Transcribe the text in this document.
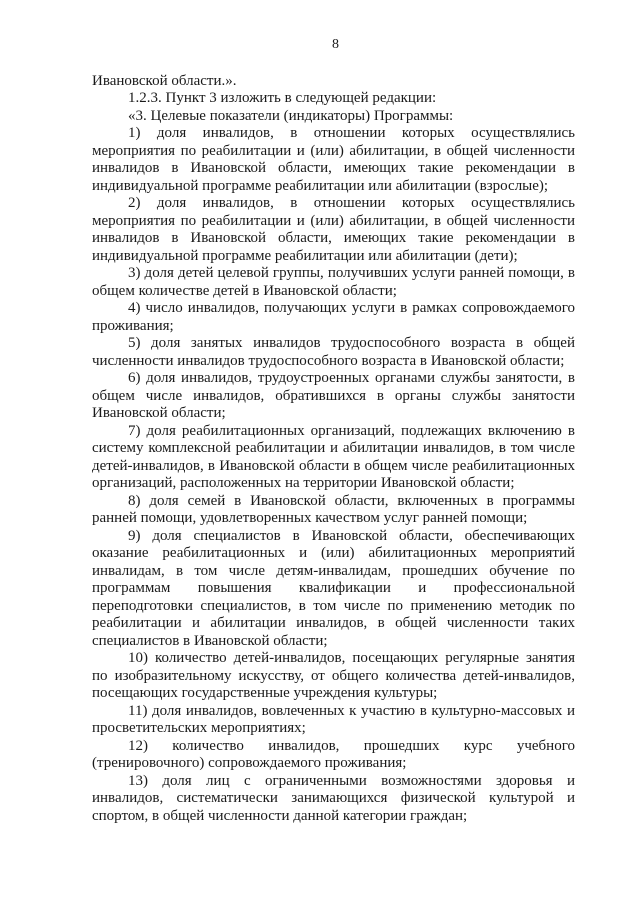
8

Ивановской области.».

1.2.3. Пункт 3 изложить в следующей редакции:

«3. Целевые показатели (индикаторы) Программы:

1) доля инвалидов, в отношении которых осуществлялись мероприятия по реабилитации и (или) абилитации, в общей численности инвалидов в Ивановской области, имеющих такие рекомендации в индивидуальной программе реабилитации или абилитации (взрослые);

2) доля инвалидов, в отношении которых осуществлялись мероприятия по реабилитации и (или) абилитации, в общей численности инвалидов в Ивановской области, имеющих такие рекомендации в индивидуальной программе реабилитации или абилитации (дети);

3) доля детей целевой группы, получивших услуги ранней помощи, в общем количестве детей в Ивановской области;

4) число инвалидов, получающих услуги в рамках сопровождаемого проживания;

5) доля занятых инвалидов трудоспособного возраста в общей численности инвалидов трудоспособного возраста в Ивановской области;

6) доля инвалидов, трудоустроенных органами службы занятости, в общем числе инвалидов, обратившихся в органы службы занятости Ивановской области;

7) доля реабилитационных организаций, подлежащих включению в систему комплексной реабилитации и абилитации инвалидов, в том числе детей-инвалидов, в Ивановской области в общем числе реабилитационных организаций, расположенных на территории Ивановской области;

8) доля семей в Ивановской области, включенных в программы ранней помощи, удовлетворенных качеством услуг ранней помощи;

9) доля специалистов в Ивановской области, обеспечивающих оказание реабилитационных и (или) абилитационных мероприятий инвалидам, в том числе детям-инвалидам, прошедших обучение по программам повышения квалификации и профессиональной переподготовки специалистов, в том числе по применению методик по реабилитации и абилитации инвалидов, в общей численности таких специалистов в Ивановской области;

10) количество детей-инвалидов, посещающих регулярные занятия по изобразительному искусству, от общего количества детей-инвалидов, посещающих государственные учреждения культуры;

11) доля инвалидов, вовлеченных к участию в культурно-массовых и просветительских мероприятиях;

12) количество инвалидов, прошедших курс учебного (тренировочного) сопровождаемого проживания;

13) доля лиц с ограниченными возможностями здоровья и инвалидов, систематически занимающихся физической культурой и спортом, в общей численности данной категории граждан;
